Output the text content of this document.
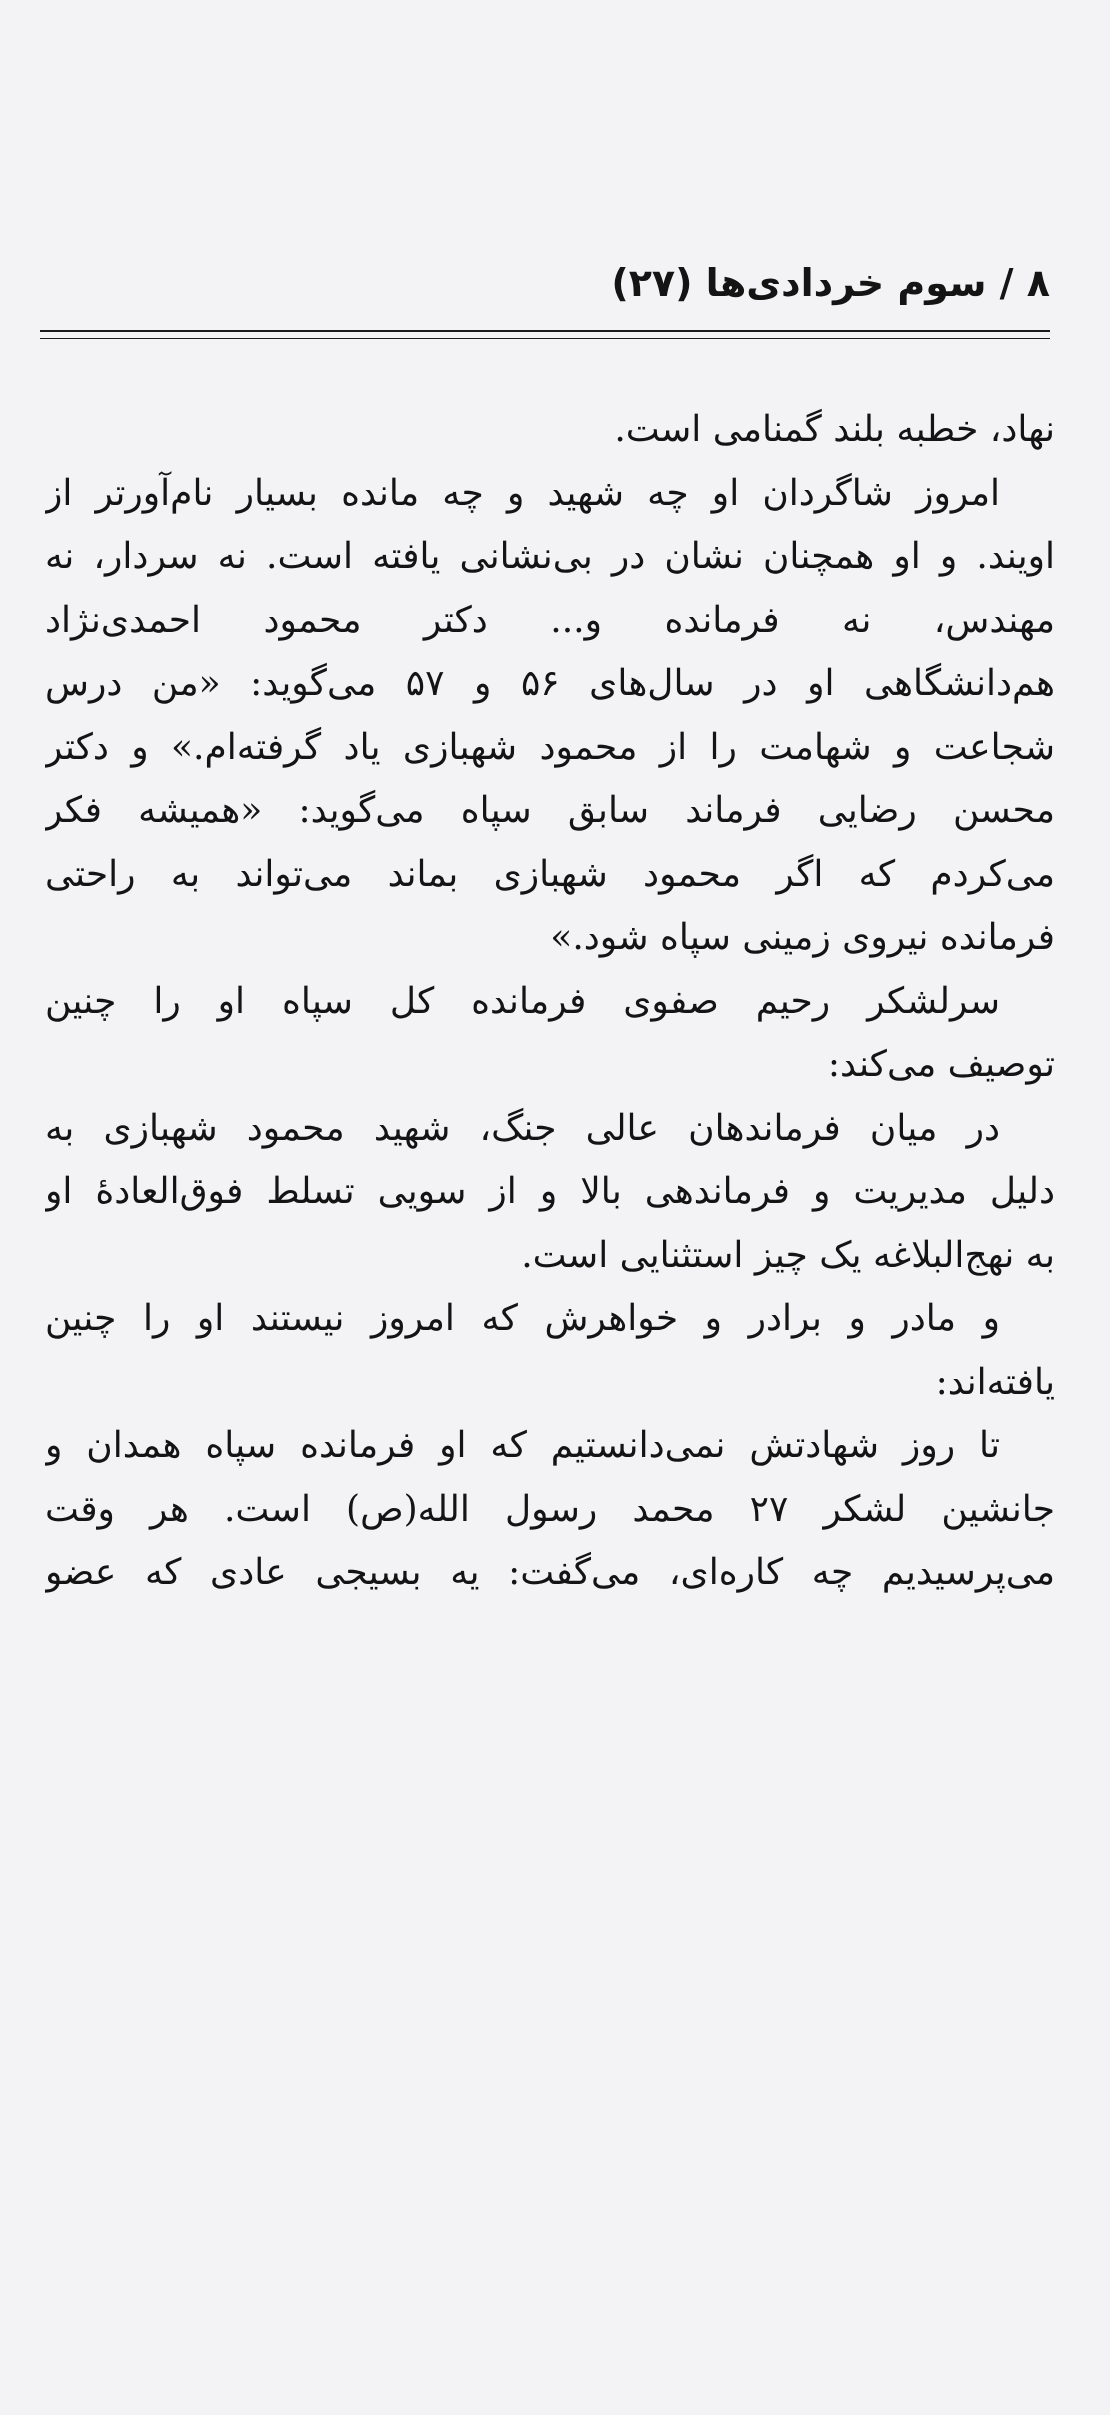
۸ / سوم خردادی‌ها (۲۷)
نهاد، خطبه بلند گمنامی است.
امروز شاگردان او چه شهید و چه مانده بسیار نام‌آورتر از
اویند. و او همچنان نشان در بی‌نشانی یافته است. نه سردار، نه
مهندس، نه فرمانده و... دکتر محمود احمدی‌نژاد
هم‌دانشگاهی او در سال‌های ۵۶ و ۵۷ می‌گوید: «من درس
شجاعت و شهامت را از محمود شهبازی یاد گرفته‌ام.» و دکتر
محسن رضایی فرماند سابق سپاه می‌گوید: «همیشه فکر
می‌کردم که اگر محمود شهبازی بماند می‌تواند به راحتی
فرمانده نیروی زمینی سپاه شود.»
سرلشکر رحیم صفوی فرمانده کل سپاه او را چنین
توصیف می‌کند:
در میان فرماندهان عالی جنگ، شهید محمود شهبازی به
دلیل مدیریت و فرماندهی بالا و از سویی تسلط فوق‌العادهٔ او
به نهج‌البلاغه یک چیز استثنایی است.
و مادر و برادر و خواهرش که امروز نیستند او را چنین
یافته‌اند:
تا روز شهادتش نمی‌دانستیم که او فرمانده سپاه همدان و
جانشین لشکر ۲۷ محمد رسول الله(ص) است. هر وقت
می‌پرسیدیم چه کاره‌ای، می‌گفت: یه بسیجی عادی که عضو
